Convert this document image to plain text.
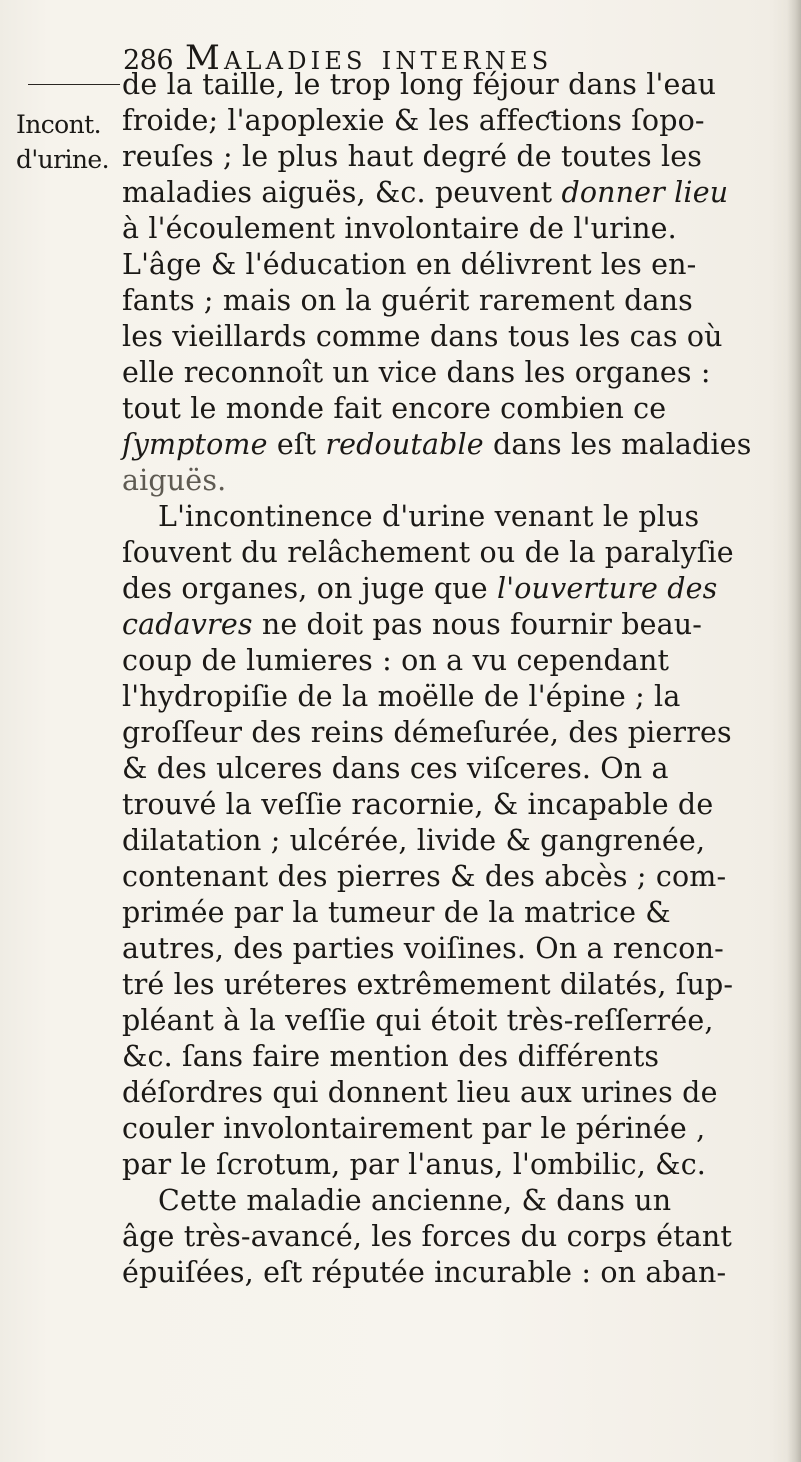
286 Maladies internes
Incont.
d'urine.
de la taille, le trop long féjour dans l'eau
froide; l'apoplexie & les affeƈtions ſopo-
reuſes ; le plus haut degré de toutes les
maladies aiguës, &c. peuvent donner lieu
à l'écoulement involontaire de l'urine.
L'âge & l'éducation en délivrent les en-
fants ; mais on la guérit rarement dans
les vieillards comme dans tous les cas où
elle reconnoît un vice dans les organes :
tout le monde fait encore combien ce
ſymptome eſt redoutable dans les maladies
aiguës.
L'incontinence d'urine venant le plus
ſouvent du relâchement ou de la paralyſie
des organes, on juge que l'ouverture des
cadavres ne doit pas nous fournir beau-
coup de lumieres : on a vu cependant
l'hydropiſie de la moëlle de l'épine ; la
groſſeur des reins démeſurée, des pierres
& des ulceres dans ces viſceres. On a
trouvé la veſſie racornie, & incapable de
dilatation ; ulcérée, livide & gangrenée,
contenant des pierres & des abcès ; com-
primée par la tumeur de la matrice &
autres, des parties voiſines. On a rencon-
tré les uréteres extrêmement dilatés, ſup-
pléant à la veſſie qui étoit très-reſſerrée,
&c. ſans faire mention des différents
déſordres qui donnent lieu aux urines de
couler involontairement par le périnée ,
par le ſcrotum, par l'anus, l'ombilic, &c.
Cette maladie ancienne, & dans un
âge très-avancé, les forces du corps étant
épuiſées, eſt réputée incurable : on aban-
